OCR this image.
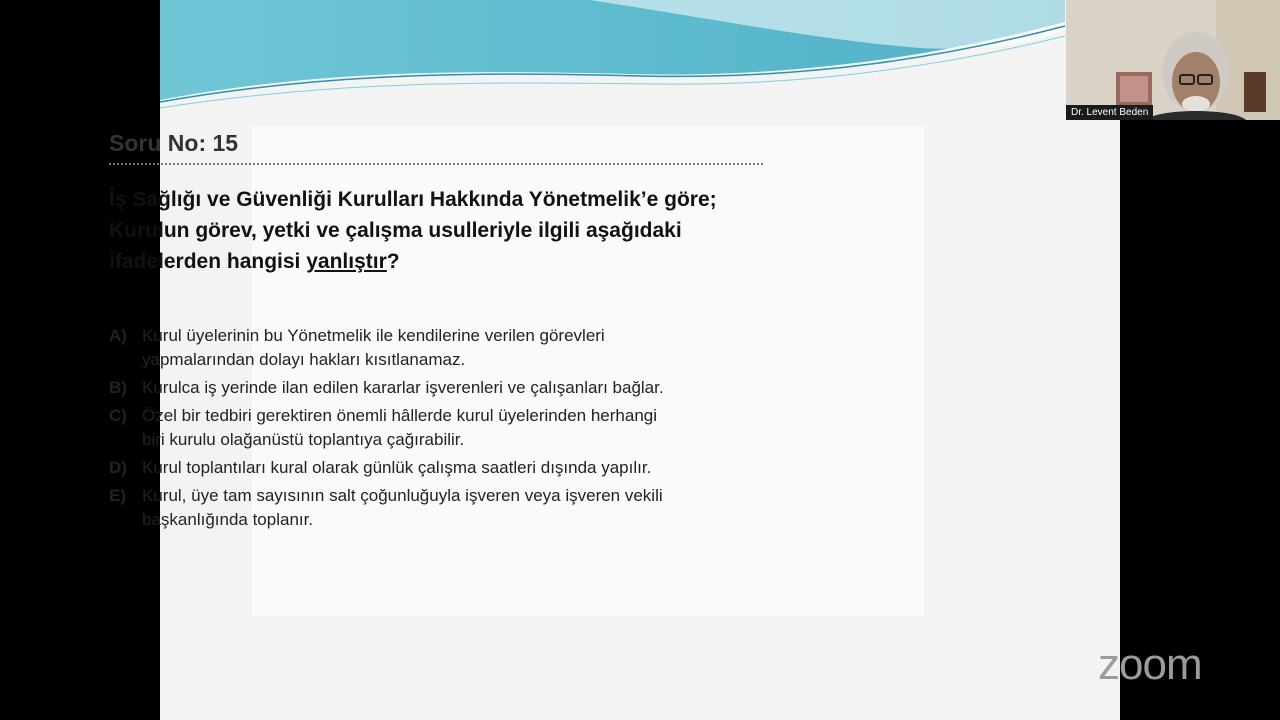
Soru No: 15
İş Sağlığı ve Güvenliği Kurulları Hakkında Yönetmelik’e göre; Kurulun görev, yetki ve çalışma usulleriyle ilgili aşağıdaki ifadelerden hangisi yanlıştır?
A) Kurul üyelerinin bu Yönetmelik ile kendilerine verilen görevleri yapmalarından dolayı hakları kısıtlanamaz.
B) Kurulca iş yerinde ilan edilen kararlar işverenleri ve çalışanları bağlar.
C) Özel bir tedbiri gerektiren önemli hâllerde kurul üyelerinden herhangi biri kurulu olağanüstü toplantıya çağırabilir.
D) Kurul toplantıları kural olarak günlük çalışma saatleri dışında yapılır.
E) Kurul, üye tam sayısının salt çoğunluğuyla işveren veya işveren vekili başkanlığında toplanır.
Dr. Levent Beden
zoom
